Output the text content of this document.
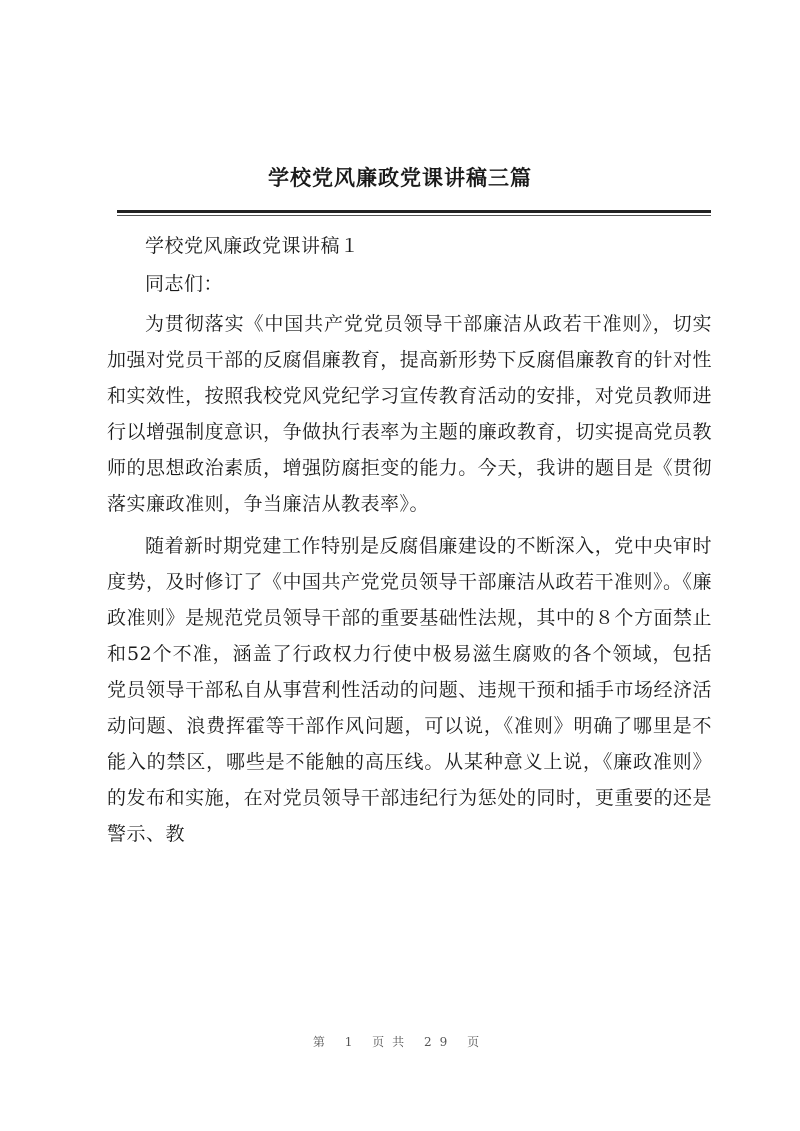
学校党风廉政党课讲稿三篇

学校党风廉政党课讲稿１

同志们：

为贯彻落实《中国共产党党员领导干部廉洁从政若干准则》，切实加强对党员干部的反腐倡廉教育，提高新形势下反腐倡廉教育的针对性和实效性，按照我校党风党纪学习宣传教育活动的安排，对党员教师进行以增强制度意识，争做执行表率为主题的廉政教育，切实提高党员教师的思想政治素质，增强防腐拒变的能力。今天，我讲的题目是《贯彻落实廉政准则，争当廉洁从教表率》。

随着新时期党建工作特别是反腐倡廉建设的不断深入，党中央审时度势，及时修订了《中国共产党党员领导干部廉洁从政若干准则》。《廉政准则》是规范党员领导干部的重要基础性法规，其中的８个方面禁止和52个不准，涵盖了行政权力行使中极易滋生腐败的各个领域，包括党员领导干部私自从事营利性活动的问题、违规干预和插手市场经济活动问题、浪费挥霍等干部作风问题，可以说，《准则》明确了哪里是不能入的禁区，哪些是不能触的高压线。从某种意义上说，《廉政准则》的发布和实施，在对党员领导干部违纪行为惩处的同时，更重要的还是警示、教

第 1 页共 29 页
